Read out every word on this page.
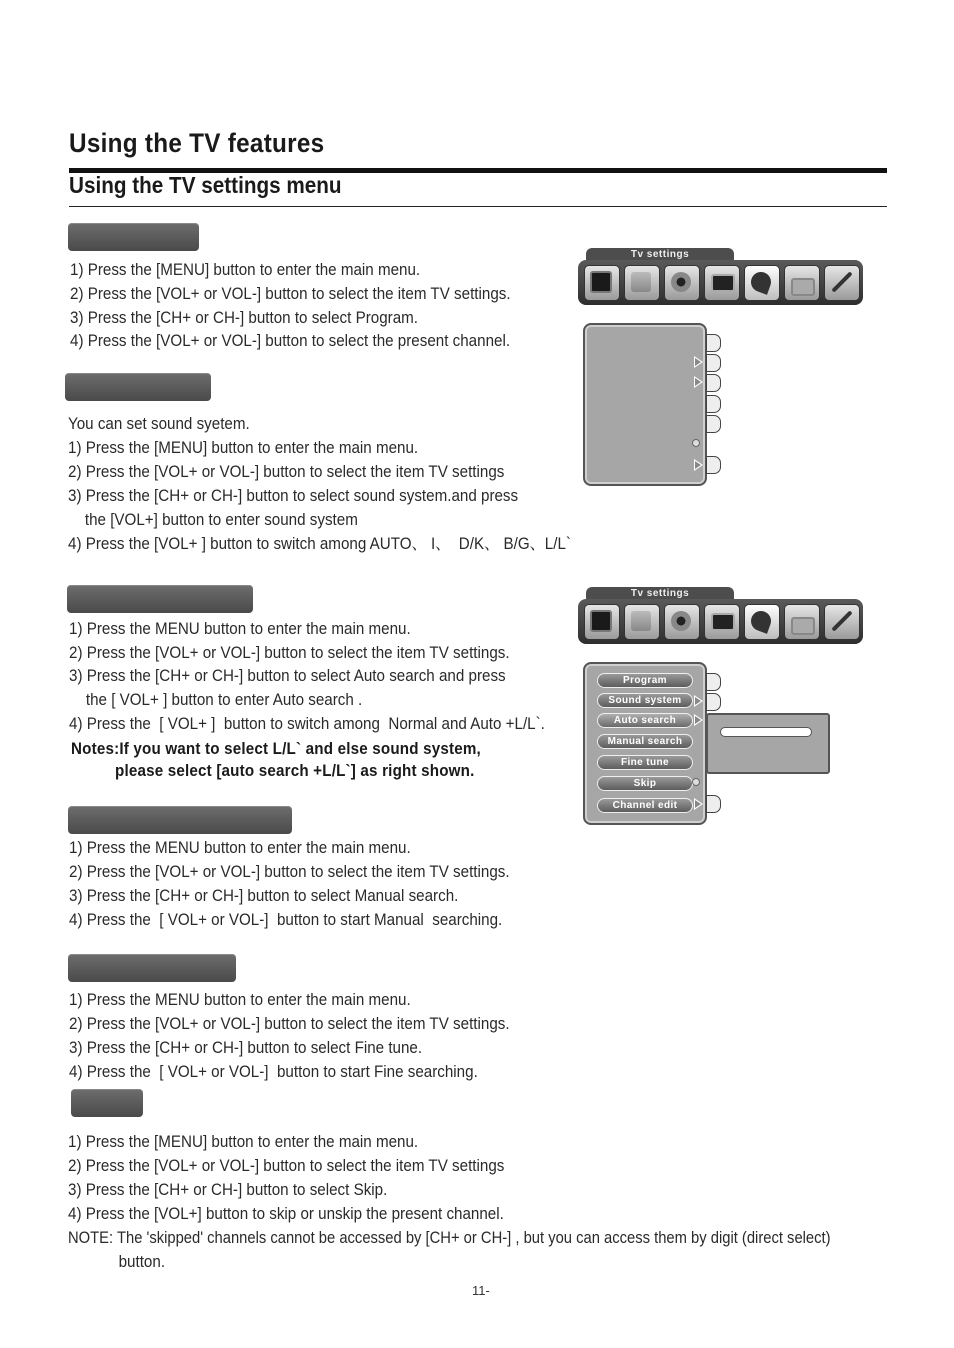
Using the TV features
Using the TV settings menu
1) Press the [MENU] button to enter the main menu.
2) Press the [VOL+ or VOL-] button to select the item TV settings.
3) Press the [CH+ or CH-] button to select Program.
4) Press the [VOL+ or VOL-] button to select the present channel.
You can set sound syetem.
1) Press the [MENU] button to enter the main menu.
2) Press the [VOL+ or VOL-] button to select the item TV settings
3) Press the [CH+ or CH-] button to select sound system.and press
the [VOL+] button to enter sound system
4) Press the [VOL+ ] button to switch among AUTO、 I、  D/K、 B/G、L/L`
1) Press the MENU button to enter the main menu.
2) Press the [VOL+ or VOL-] button to select the item TV settings.
3) Press the [CH+ or CH-] button to select Auto search and press
the [ VOL+ ] button to enter Auto search .
4) Press the  [ VOL+ ]  button to switch among  Normal and Auto +L/L`.
Notes:If you want to select L/L` and else sound system,
please select [auto search +L/L`] as right shown.
1) Press the MENU button to enter the main menu.
2) Press the [VOL+ or VOL-] button to select the item TV settings.
3) Press the [CH+ or CH-] button to select Manual search.
4) Press the  [ VOL+ or VOL-]  button to start Manual  searching.
1) Press the MENU button to enter the main menu.
2) Press the [VOL+ or VOL-] button to select the item TV settings.
3) Press the [CH+ or CH-] button to select Fine tune.
4) Press the  [ VOL+ or VOL-]  button to start Fine searching.
1) Press the [MENU] button to enter the main menu.
2) Press the [VOL+ or VOL-] button to select the item TV settings
3) Press the [CH+ or CH-] button to select Skip.
4) Press the [VOL+] button to skip or unskip the present channel.
NOTE: The 'skipped' channels cannot be accessed by [CH+ or CH-] , but you can access them by digit (direct select)
button.
11-
Tv settings
Tv settings
Program
Sound system
Auto search
Manual search
Fine tune
Skip
Channel edit
